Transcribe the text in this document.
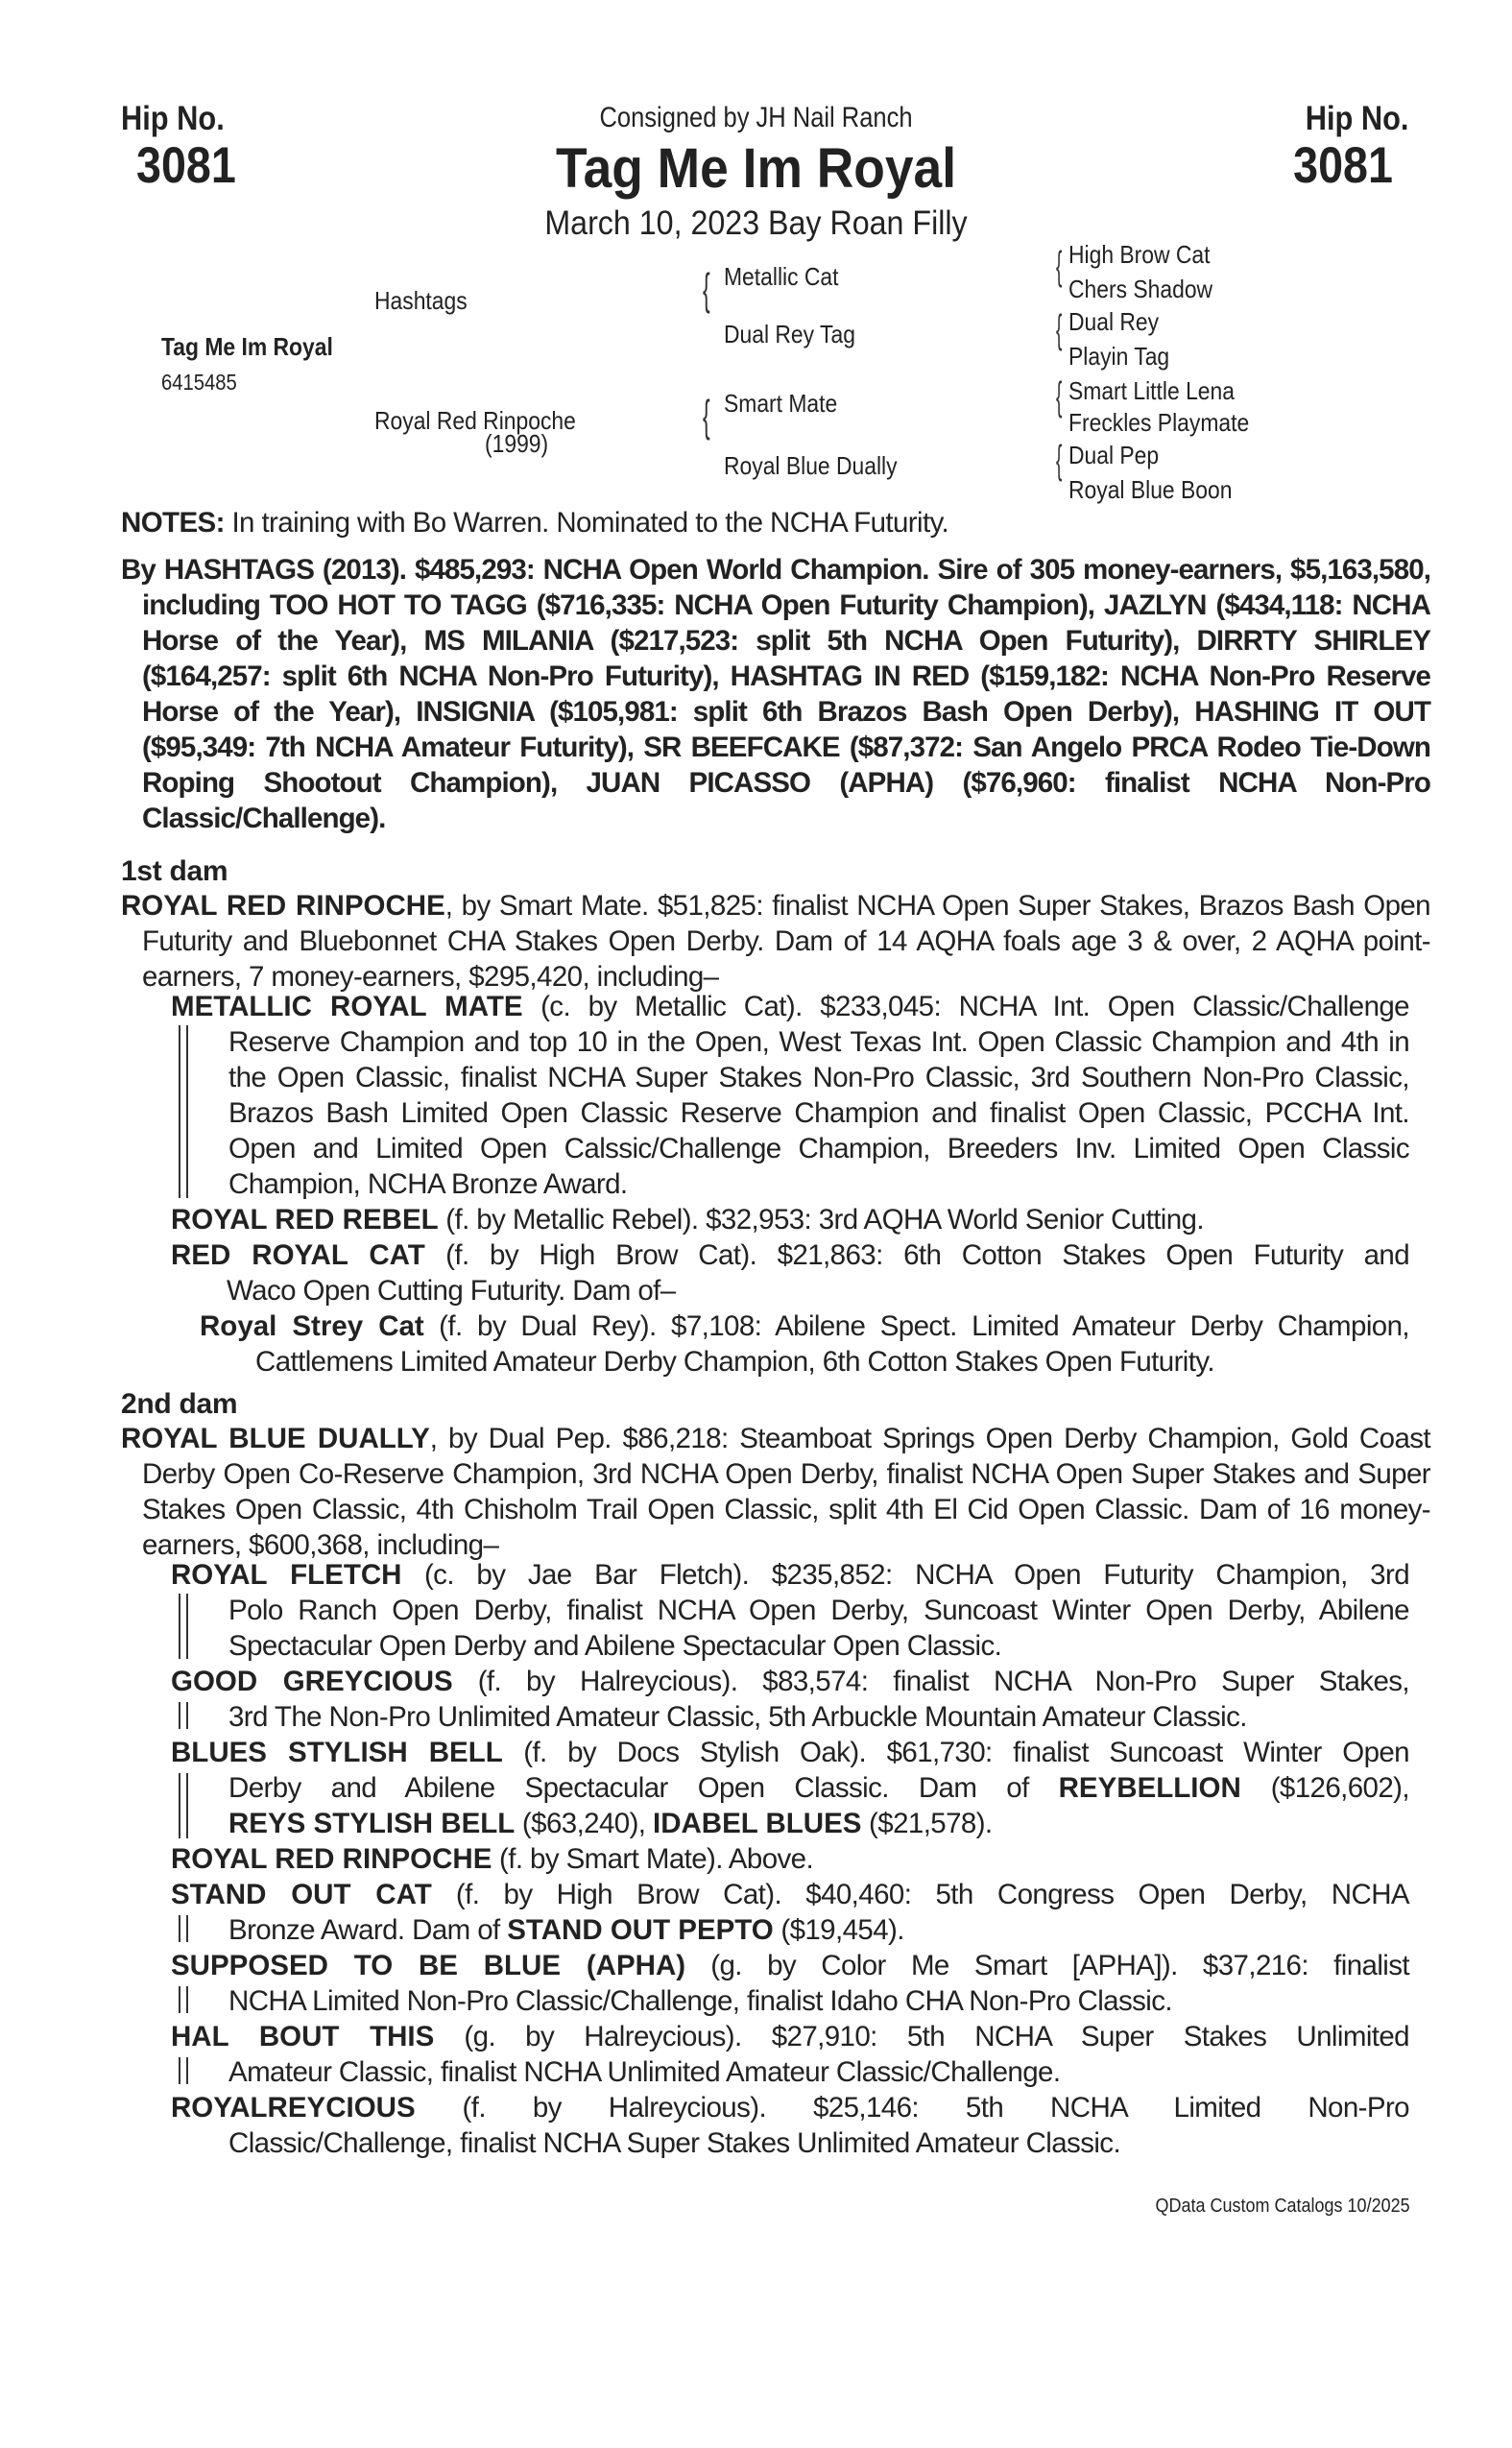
Hip No.
3081
Hip No.
3081
Consigned by JH Nail Ranch
Tag Me Im Royal
March 10, 2023 Bay Roan Filly
Tag Me Im Royal
6415485
Hashtags
Royal Red Rinpoche
(1999)
{
{
Metallic Cat
Dual Rey Tag
Smart Mate
Royal Blue Dually
{
{
{
{
High Brow Cat
Chers Shadow
Dual Rey
Playin Tag
Smart Little Lena
Freckles Playmate
Dual Pep
Royal Blue Boon
NOTES: In training with Bo Warren. Nominated to the NCHA Futurity.
By HASHTAGS (2013). $485,293: NCHA Open World Champion. Sire of 305 money-earners, $5,163,580, including TOO HOT TO TAGG ($716,335: NCHA Open Futurity Champion), JAZLYN ($434,118: NCHA Horse of the Year), MS MILANIA ($217,523: split 5th NCHA Open Futurity), DIRRTY SHIRLEY ($164,257: split 6th NCHA Non-Pro Futurity), HASHTAG IN RED ($159,182: NCHA Non-Pro Reserve Horse of the Year), INSIGNIA ($105,981: split 6th Brazos Bash Open Derby), HASHING IT OUT ($95,349: 7th NCHA Amateur Futurity), SR BEEFCAKE ($87,372: San Angelo PRCA Rodeo Tie-Down Roping Shootout Champion), JUAN PICASSO (APHA) ($76,960: finalist NCHA Non-Pro Classic/Challenge).
1st dam
ROYAL RED RINPOCHE, by Smart Mate. $51,825: finalist NCHA Open Super Stakes, Brazos Bash Open Futurity and Bluebonnet CHA Stakes Open Derby. Dam of 14 AQHA foals age 3 & over, 2 AQHA point-earners, 7 money-earners, $295,420, including–
METALLIC ROYAL MATE (c. by Metallic Cat). $233,045: NCHA Int. Open Classic/Challenge
Reserve Champion and top 10 in the Open, West Texas Int. Open Classic Champion and 4th in the Open Classic, finalist NCHA Super Stakes Non-Pro Classic, 3rd Southern Non-Pro Classic, Brazos Bash Limited Open Classic Reserve Champion and finalist Open Classic, PCCHA Int. Open and Limited Open Calssic/Challenge Champion, Breeders Inv. Limited Open Classic Champion, NCHA Bronze Award.
ROYAL RED REBEL (f. by Metallic Rebel). $32,953: 3rd AQHA World Senior Cutting.
RED ROYAL CAT (f. by High Brow Cat). $21,863: 6th Cotton Stakes Open Futurity and
Waco Open Cutting Futurity. Dam of–
Royal Strey Cat (f. by Dual Rey). $7,108: Abilene Spect. Limited Amateur Derby Champion,
Cattlemens Limited Amateur Derby Champion, 6th Cotton Stakes Open Futurity.
2nd dam
ROYAL BLUE DUALLY, by Dual Pep. $86,218: Steamboat Springs Open Derby Champion, Gold Coast Derby Open Co-Reserve Champion, 3rd NCHA Open Derby, finalist NCHA Open Super Stakes and Super Stakes Open Classic, 4th Chisholm Trail Open Classic, split 4th El Cid Open Classic. Dam of 16 money-earners, $600,368, including–
ROYAL FLETCH (c. by Jae Bar Fletch). $235,852: NCHA Open Futurity Champion, 3rd
Polo Ranch Open Derby, finalist NCHA Open Derby, Suncoast Winter Open Derby, Abilene Spectacular Open Derby and Abilene Spectacular Open Classic.
GOOD GREYCIOUS (f. by Halreycious). $83,574: finalist NCHA Non-Pro Super Stakes,
3rd The Non-Pro Unlimited Amateur Classic, 5th Arbuckle Mountain Amateur Classic.
BLUES STYLISH BELL (f. by Docs Stylish Oak). $61,730: finalist Suncoast Winter Open
Derby and Abilene Spectacular Open Classic. Dam of REYBELLION ($126,602),
REYS STYLISH BELL ($63,240), IDABEL BLUES ($21,578).
ROYAL RED RINPOCHE (f. by Smart Mate). Above.
STAND OUT CAT (f. by High Brow Cat). $40,460: 5th Congress Open Derby, NCHA
Bronze Award. Dam of STAND OUT PEPTO ($19,454).
SUPPOSED TO BE BLUE (APHA) (g. by Color Me Smart [APHA]). $37,216: finalist
NCHA Limited Non-Pro Classic/Challenge, finalist Idaho CHA Non-Pro Classic.
HAL BOUT THIS (g. by Halreycious). $27,910: 5th NCHA Super Stakes Unlimited
Amateur Classic, finalist NCHA Unlimited Amateur Classic/Challenge.
ROYALREYCIOUS (f. by Halreycious). $25,146: 5th NCHA Limited Non-Pro
Classic/Challenge, finalist NCHA Super Stakes Unlimited Amateur Classic.
QData Custom Catalogs 10/2025
